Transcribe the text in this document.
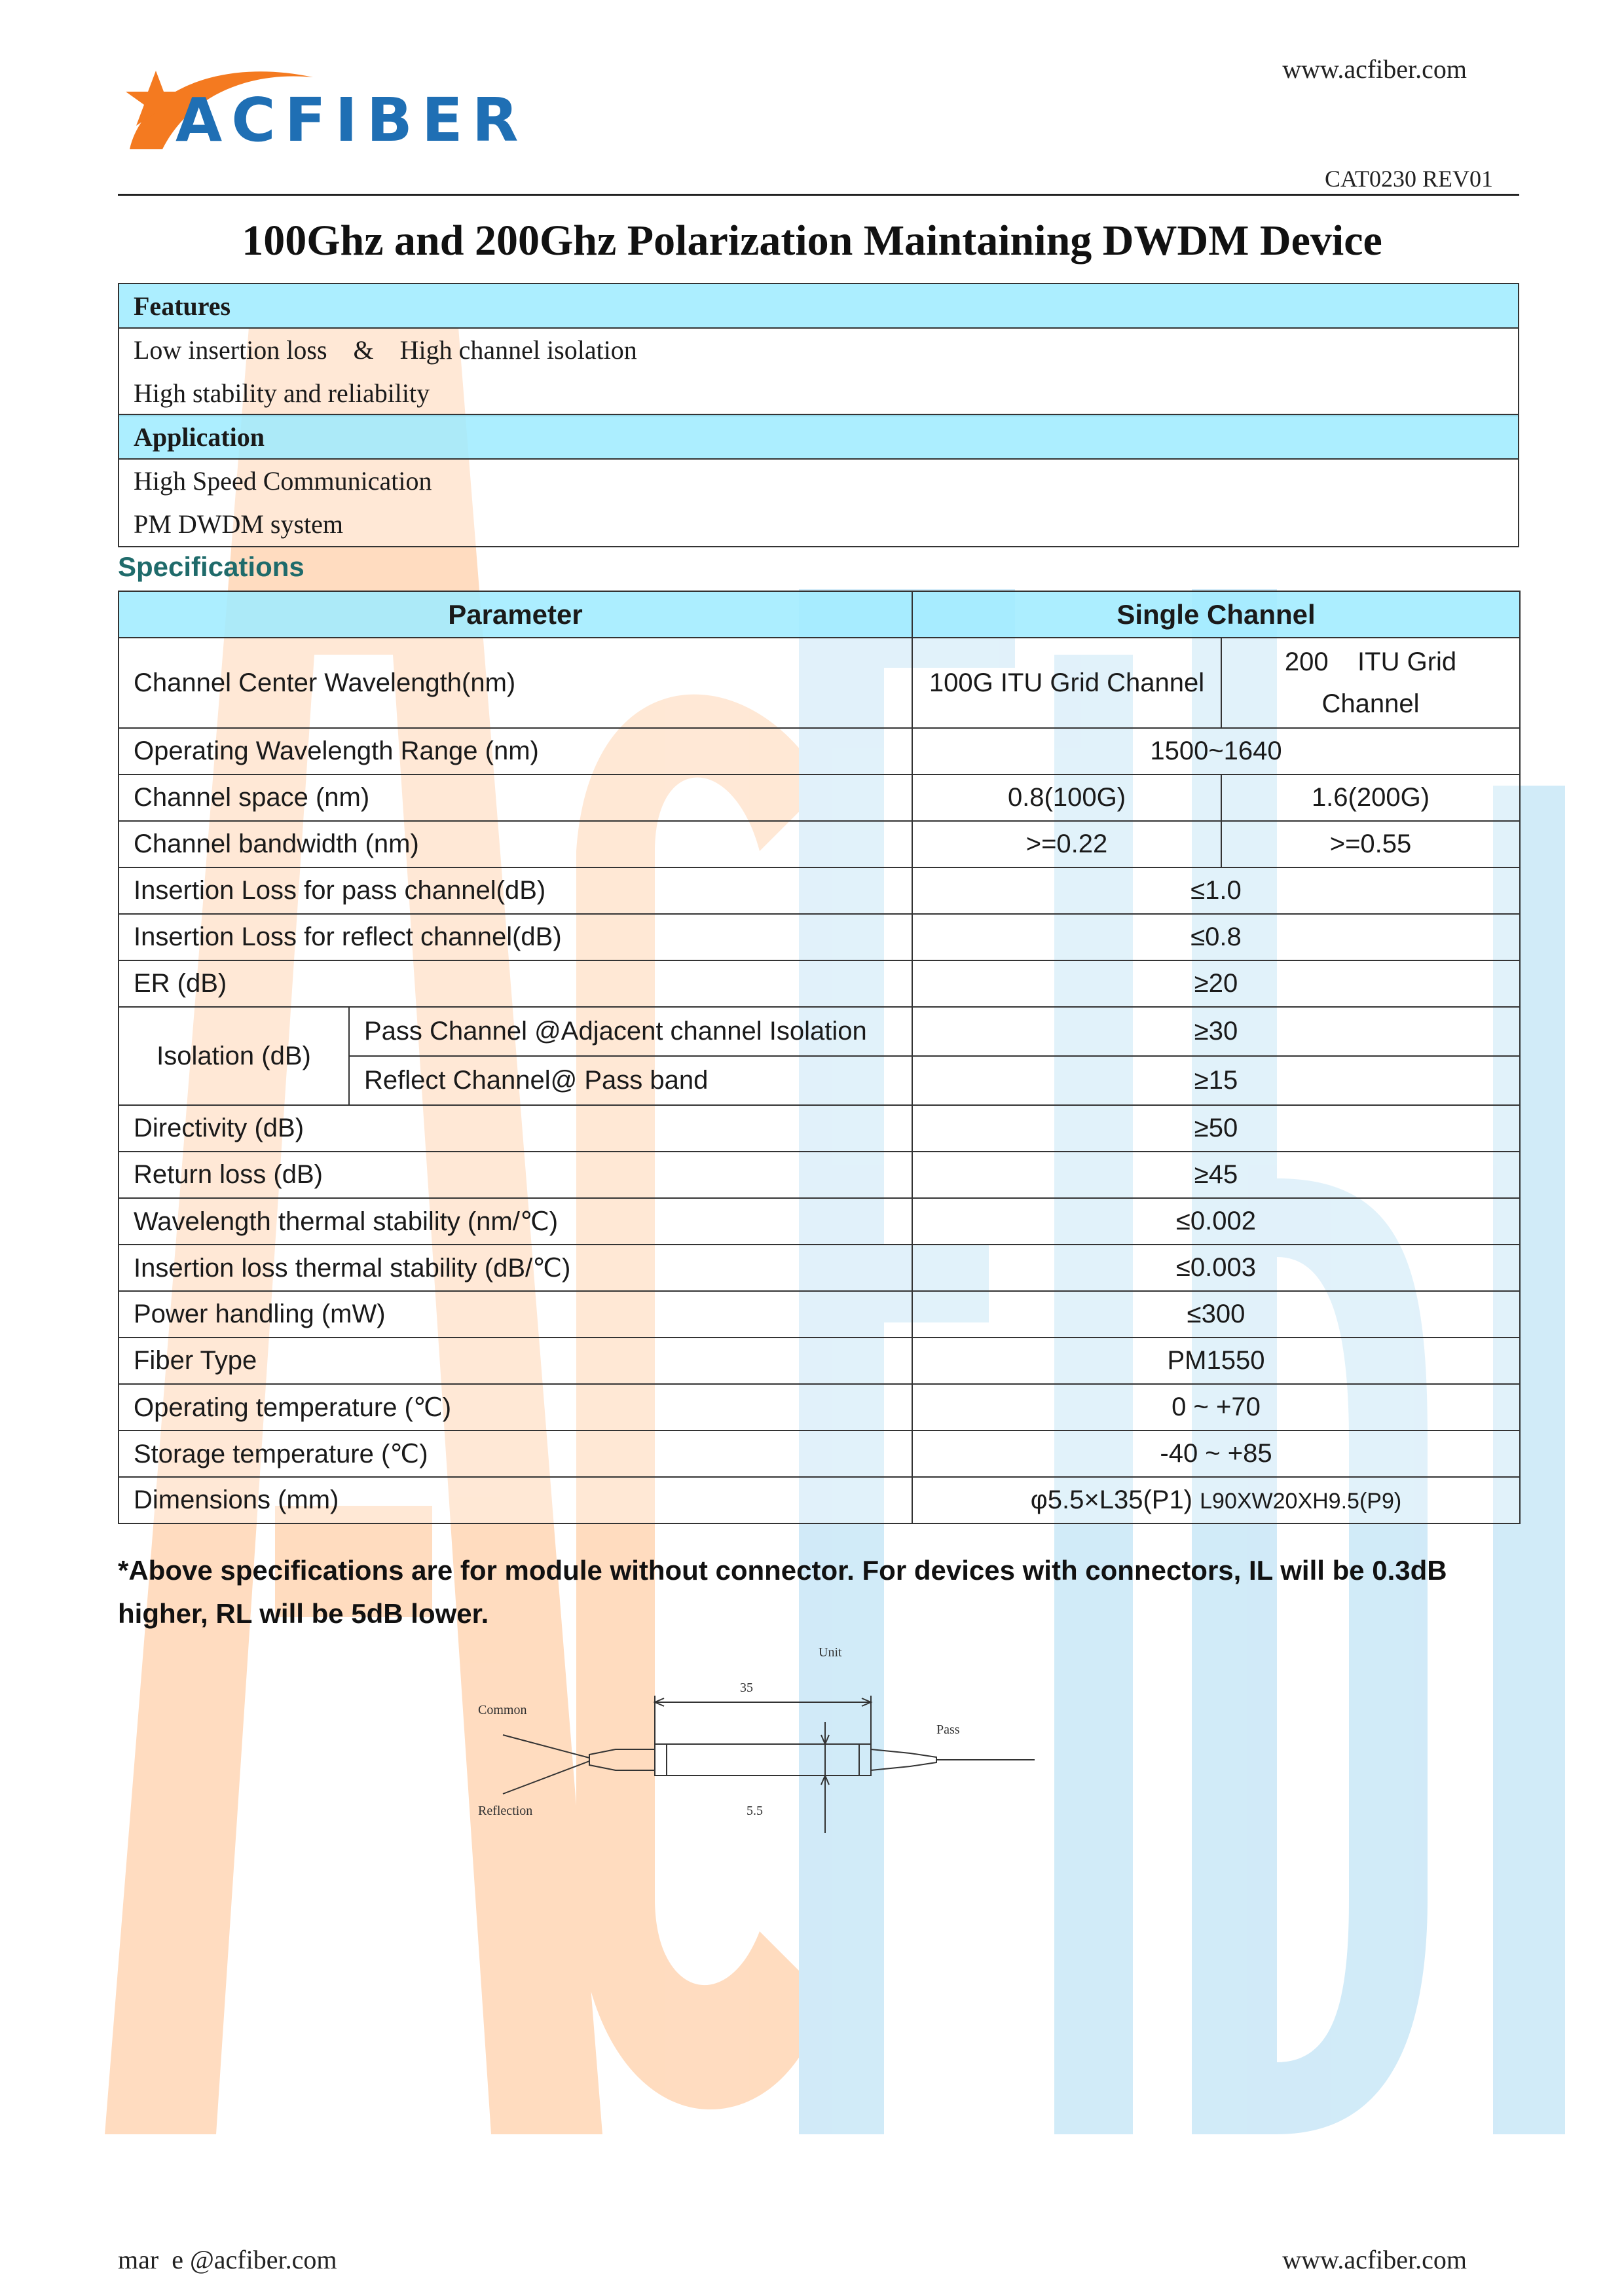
ACFIBER
www.acfiber.com
CAT0230 REV01
100Ghz and 200Ghz Polarization Maintaining DWDM Device
Features

Low insertion loss    &    High channel isolation
High stability and reliability
Application

High Speed Communication
PM DWDM system
Specifications
Parameter		Single Channel	
Channel Center Wavelength(nm)		100G ITU Grid Channel	200    ITU Grid Channel
Operating Wavelength Range (nm)		1500~1640	
Channel space (nm)		0.8(100G)	1.6(200G)
Channel bandwidth (nm)		>=0.22	>=0.55
Insertion Loss for pass channel(dB)		≤1.0	
Insertion Loss for reflect channel(dB)		≤0.8	
ER (dB)		≥20	
Isolation (dB)	Pass Channel @Adjacent channel Isolation	≥30	
	Reflect Channel@ Pass band	≥15	
Directivity (dB)		≥50	
Return loss (dB)		≥45	
Wavelength thermal stability (nm/℃)		≤0.002	
Insertion loss thermal stability (dB/℃)		≤0.003	
Power handling (mW)		≤300	
Fiber Type		PM1550	
Operating temperature (℃)		0 ~ +70	
Storage temperature (℃)		-40 ~ +85	
Dimensions (mm)		φ5.5×L35(P1) L90XW20XH9.5(P9)	
*Above specifications are for module without connector. For devices with connectors, IL will be 0.3dB higher, RL will be 5dB lower.
Unit
35
5.5
Common
Reflection
Pass
mar  e @acfiber.com	www.acfiber.com
